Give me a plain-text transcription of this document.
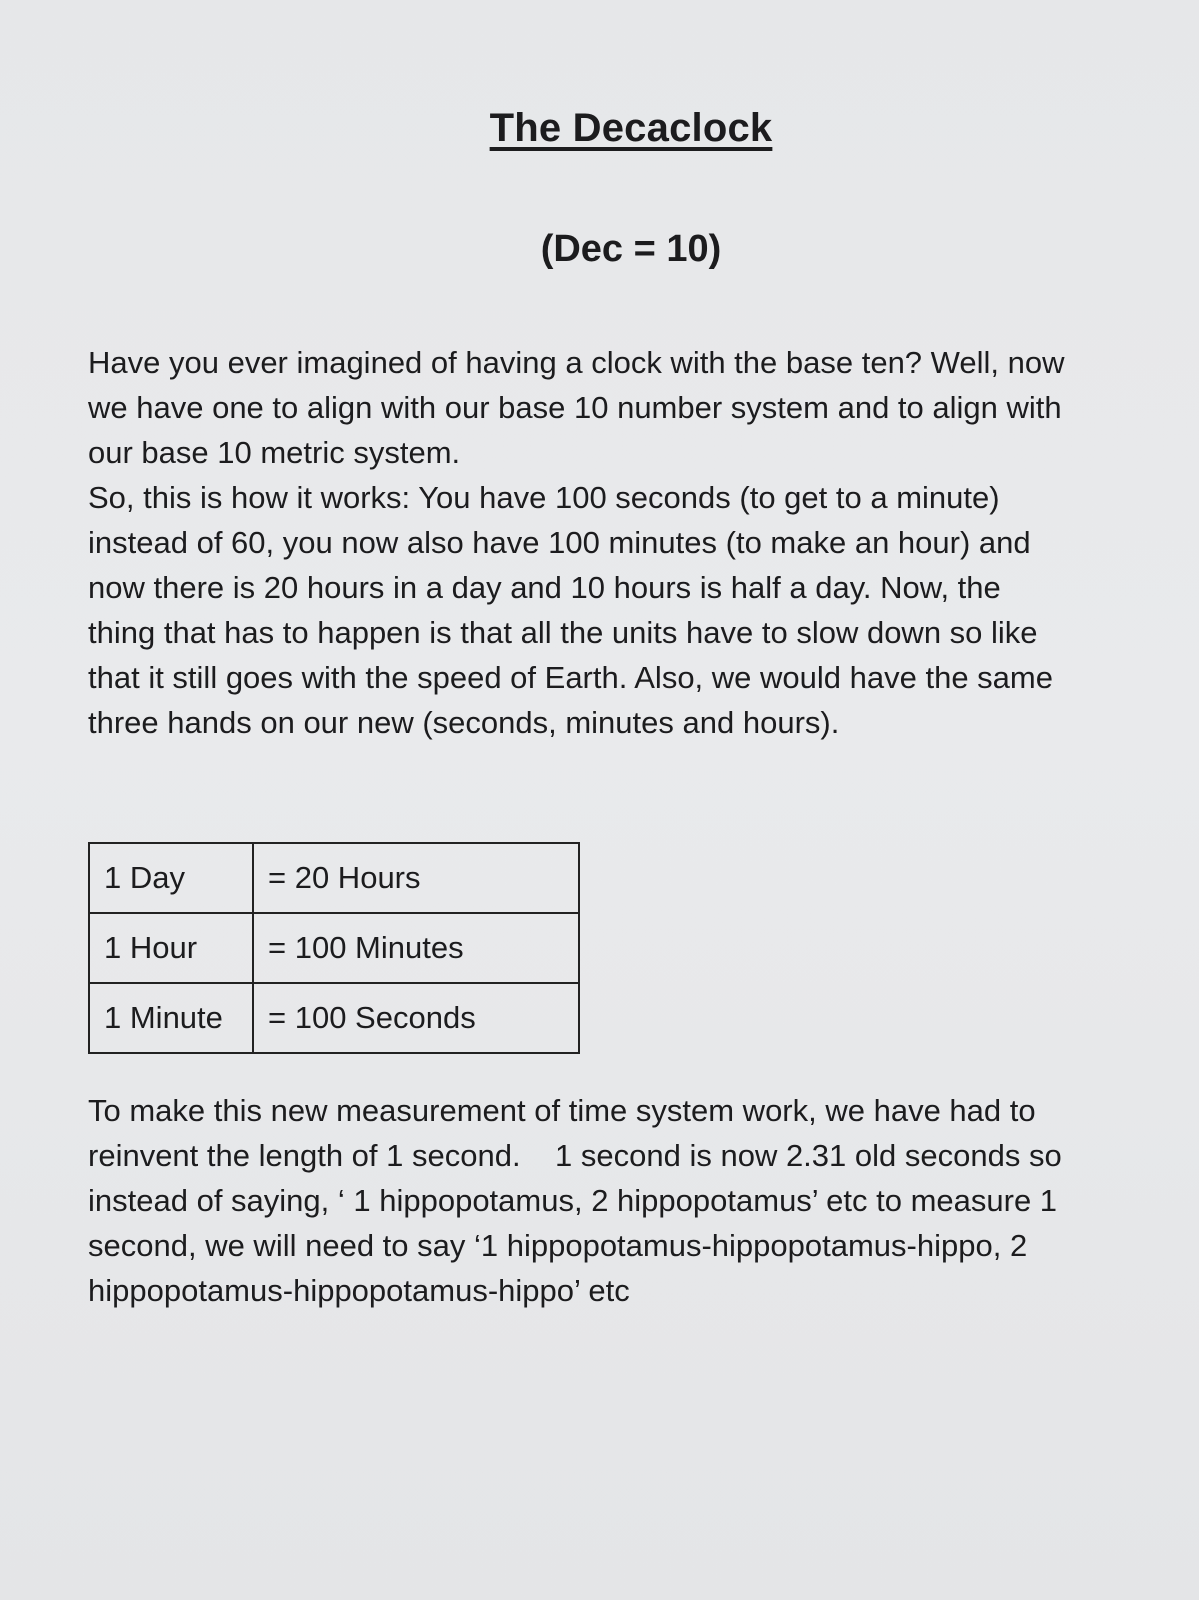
The Decaclock
(Dec = 10)
Have you ever imagined of having a clock with the base ten? Well, now
we have one to align with our base 10 number system and to align with
our base 10 metric system.
So, this is how it works: You have 100 seconds (to get to a minute)
instead of 60, you now also have 100 minutes (to make an hour) and
now there is 20 hours in a day and 10 hours is half a day. Now, the
thing that has to happen is that all the units have to slow down so like
that it still goes with the speed of Earth. Also, we would have the same
three hands on our new (seconds, minutes and hours).
1 Day	= 20 Hours
1 Hour	= 100 Minutes
1 Minute	= 100 Seconds
To make this new measurement of time system work, we have had to
reinvent the length of 1 second.    1 second is now 2.31 old seconds so
instead of saying, ‘ 1 hippopotamus, 2 hippopotamus’ etc to measure 1
second, we will need to say ‘1 hippopotamus-hippopotamus-hippo, 2
hippopotamus-hippopotamus-hippo’ etc
